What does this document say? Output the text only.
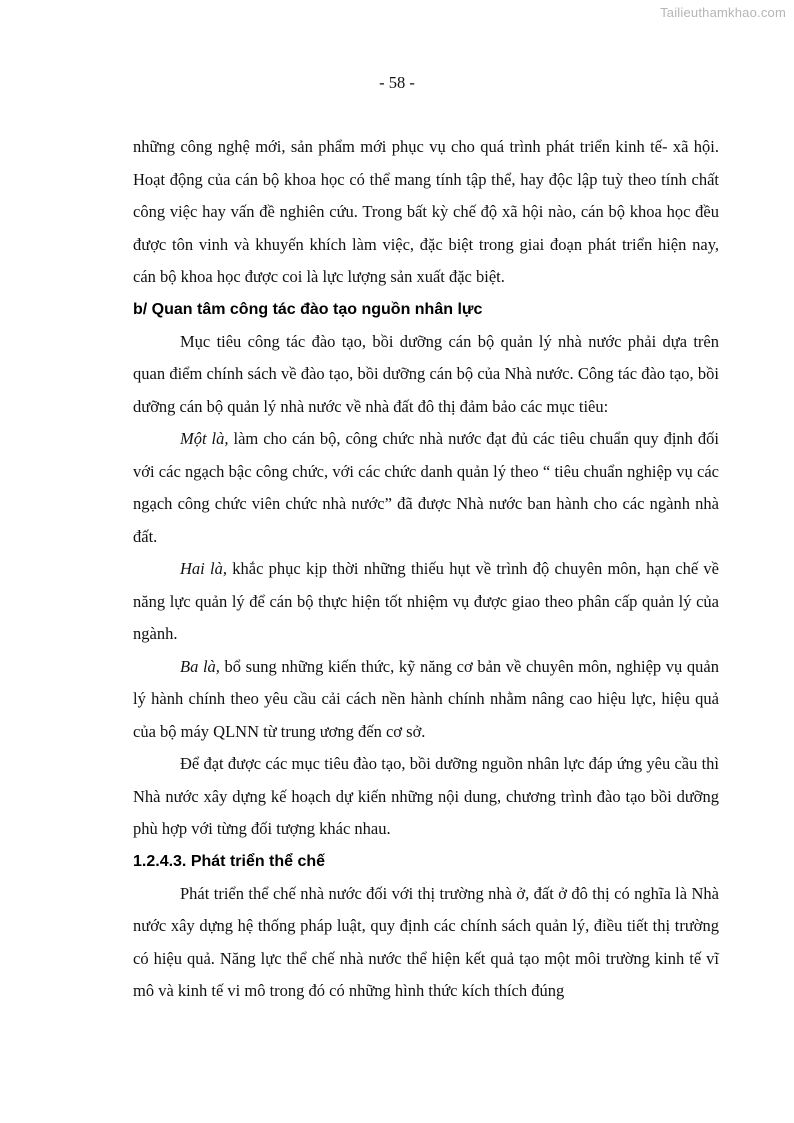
Tailieuthamkhao.com
- 58 -

những công nghệ mới, sản phẩm mới phục vụ cho quá trình phát triển kinh tế- xã hội. Hoạt động của cán bộ khoa học có thể mang tính tập thể, hay độc lập tuỳ theo tính chất công việc hay vấn đề nghiên cứu. Trong bất kỳ chế độ xã hội nào, cán bộ khoa học đều được tôn vinh và khuyến khích làm việc, đặc biệt trong giai đoạn phát triển hiện nay, cán bộ khoa học được coi là lực lượng sản xuất đặc biệt.

b/ Quan tâm công tác đào tạo nguồn nhân lực

Mục tiêu công tác đào tạo, bồi dưỡng cán bộ quản lý nhà nước phải dựa trên quan điểm chính sách về đào tạo, bồi dưỡng cán bộ của Nhà nước. Công tác đào tạo, bồi dưỡng cán bộ quản lý nhà nước về nhà đất đô thị đảm bảo các mục tiêu:

Một là, làm cho cán bộ, công chức nhà nước đạt đủ các tiêu chuẩn quy định đối với các ngạch bậc công chức, với các chức danh quản lý theo “ tiêu chuẩn nghiệp vụ các ngạch công chức viên chức nhà nước” đã được Nhà nước ban hành cho các ngành nhà đất.

Hai là, khắc phục kịp thời những thiếu hụt về trình độ chuyên môn, hạn chế về năng lực quản lý để cán bộ thực hiện tốt nhiệm vụ được giao theo phân cấp quản lý của ngành.

Ba là, bổ sung những kiến thức, kỹ năng cơ bản về chuyên môn, nghiệp vụ quản lý hành chính theo yêu cầu cải cách nền hành chính nhằm nâng cao hiệu lực, hiệu quả của bộ máy QLNN từ trung ương đến cơ sở.

Để đạt được các mục tiêu đào tạo, bồi dưỡng nguồn nhân lực đáp ứng yêu cầu thì Nhà nước xây dựng kế hoạch dự kiến những nội dung, chương trình đào tạo bồi dưỡng phù hợp với từng đối tượng khác nhau.

1.2.4.3. Phát triển thể chế

Phát triển thể chế nhà nước đối với thị trường nhà ở, đất ở đô thị có nghĩa là Nhà nước xây dựng hệ thống pháp luật, quy định các chính sách quản lý, điều tiết thị trường có hiệu quả. Năng lực thể chế nhà nước thể hiện kết quả tạo một môi trường kinh tế vĩ mô và kinh tế vi mô trong đó có những hình thức kích thích đúng
